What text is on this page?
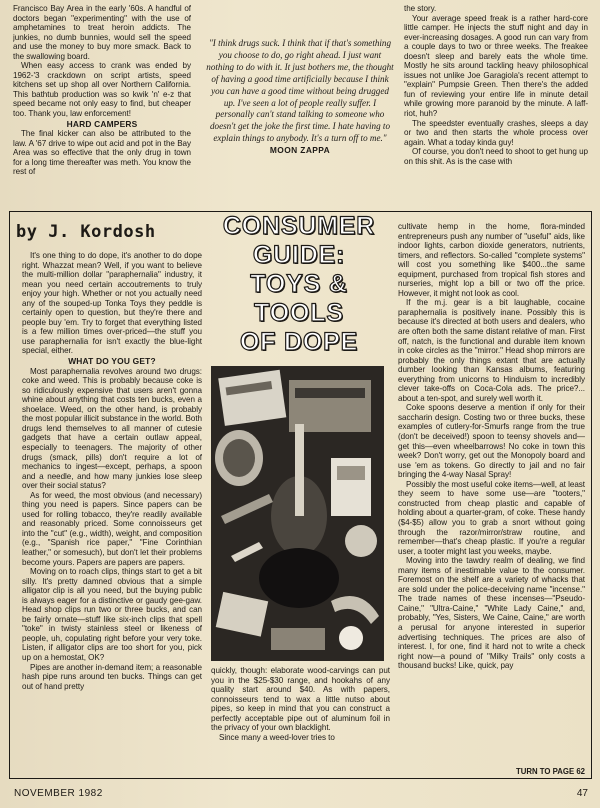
Francisco Bay Area in the early '60s. A handful of doctors began "experimenting" with the use of amphetamines to treat heroin addicts. The junkies, no dumb bunnies, would sell the speed and use the money to buy more smack. Back to the swallowing board.

When easy access to crank was ended by 1962-'3 crackdown on script artists, speed kitchens set up shop all over Northern California. This bathtub production was so kwik 'n' e-z that speed became not only easy to find, but cheaper too. Thank you, law enforcement!

HARD CAMPERS

The final kicker can also be attributed to the law. A '67 drive to wipe out acid and pot in the Bay Area was so effective that the only drug in town for a long time thereafter was meth. You know the rest of

"I think drugs suck. I think that if that's something you choose to do, go right ahead. I just want nothing to do with it. It just bothers me, the thought of having a good time artificially because I think you can have a good time without being drugged up. I've seen a lot of people really suffer. I personally can't stand talking to someone who doesn't get the joke the first time. I hate having to explain things to anybody. It's a turn off to me."
MOON ZAPPA

the story.

Your average speed freak is a rather hard-core little camper. He injects the stuff night and day in ever-increasing dosages. A good run can vary from a couple days to two or three weeks. The freakee doesn't sleep and barely eats the whole time. Mostly he sits around tackling heavy philosophical issues not unlike Joe Garagiola's recent attempt to "explain" Pumpsie Green. Then there's the added fun of reviewing your entire life in minute detail while growing more paranoid by the minute. A laff-riot, huh?

The speedster eventually crashes, sleeps a day or two and then starts the whole process over again. What a today kinda guy!

Of course, you don't need to shoot to get hung up on this shit. As is the case with

by J. Kordosh	CONSUMER
GUIDE:
TOYS &
TOOLS
OF DOPE

It's one thing to do dope, it's another to do dope right. Whazzat mean? Well, if you want to believe the multi-million dollar "paraphernalia" industry, it mean you need certain accoutrements to truly enjoy your high. Whether or not you actually need any of the souped-up Tonka Toys they peddle is certainly open to question, but they're there and people buy 'em. Try to forget that everything listed is a few million times over-priced—the stuff you use paraphernalia for isn't exactly the blue-light special, either.

WHAT DO YOU GET?

Most paraphernalia revolves around two drugs: coke and weed. This is probably because coke is so ridiculously expensive that users aren't gonna whine about anything that costs ten bucks, even a shoelace. Weed, on the other hand, is probably the most popular illicit substance in the world. Both drugs lend themselves to all manner of cutesie gadgets that have a certain outlaw appeal, especially to teenagers. The majority of other drugs (smack, pills) don't require a lot of mechanics to ingest—except, perhaps, a spoon and a needle, and how many junkies lose sleep over their social status?

As for weed, the most obvious (and necessary) thing you need is papers. Since papers can be used for rolling tobacco, they're readily available and reasonably priced. Some connoisseurs get into the "cut" (e.g., width), weight, and composition (e.g., "Spanish rice paper," "Fine Corinthian leather," or somesuch), but don't let their problems become yours. Papers are papers are papers.

Moving on to roach clips, things start to get a bit silly. It's pretty damned obvious that a simple alligator clip is all you need, but the buying public is always eager for a distinctive or gaudy gee-gaw. Head shop clips run two or three bucks, and can be fairly ornate—stuff like six-inch clips that spell "toke" in twisty stainless steel or likeness of people, uh, copulating right before your very toke. Listen, if alligator clips are too short for you, pick up on a hemostat, OK?

Pipes are another in-demand item; a reasonable hash pipe runs around ten bucks. Things can get out of hand pretty

quickly, though: elaborate wood-carvings can put you in the $25-$30 range, and hookahs of any quality start around $40. As with papers, connoisseurs tend to wax a little nutso about pipes, so keep in mind that you can construct a perfectly acceptable pipe out of aluminum foil in the privacy of your own blacklight.

Since many a weed-lover tries to

cultivate hemp in the home, flora-minded entrepreneurs push any number of "useful" aids, like indoor lights, carbon dioxide generators, nutrients, timers, and reflectors. So-called "complete systems" will cost you something like $400...the same equipment, purchased from tropical fish stores and nurseries, might lop a bill or two off the price. However, it might not look as cool.

If the m.j. gear is a bit laughable, cocaine paraphernalia is positively inane. Possibly this is because it's directed at both users and dealers, who are often both the same distant relative of man. First off, natch, is the functional and durable item known in coke circles as the "mirror." Head shop mirrors are probably the only things extant that are actually dumber looking than Kansas albums, featuring everything from unicorns to Hinduism to incredibly clever take-offs on Coca-Cola ads. The price?... about a ten-spot, and surely well worth it.

Coke spoons deserve a mention if only for their saccharin design. Costing two or three bucks, these examples of cutlery-for-Smurfs range from the true (don't be deceived!) spoon to teensy shovels and—get this—even wheelbarrows! No coke in town this week? Don't worry, get out the Monopoly board and use 'em as tokens. Go directly to jail and no fair bringing the 4-way Nasal Spray!

Possibly the most useful coke items—well, at least they seem to have some use—are "tooters," constructed from cheap plastic and capable of holding about a quarter-gram, of coke. These handy ($4-$5) allow you to grab a snort without going through the razor/mirror/straw routine, and remember—that's cheap plastic. If you're a regular user, a tooter might last you weeks, maybe.

Moving into the tawdry realm of dealing, we find many items of inestimable value to the consumer. Foremost on the shelf are a variety of whacks that are sold under the police-deceiving name "incense." The trade names of these incenses—"Pseudo-Caine," "Ultra-Caine," "White Lady Caine," and, probably, "Yes, Sisters, We Caine, Caine," are worth a perusal for anyone interested in superior advertising techniques. The prices are also of interest. I, for one, find it hard not to write a check right now—a pound of "Milky Trails" only costs a thousand bucks! Like, quick, pay

TURN TO PAGE 62
NOVEMBER 1982	47
